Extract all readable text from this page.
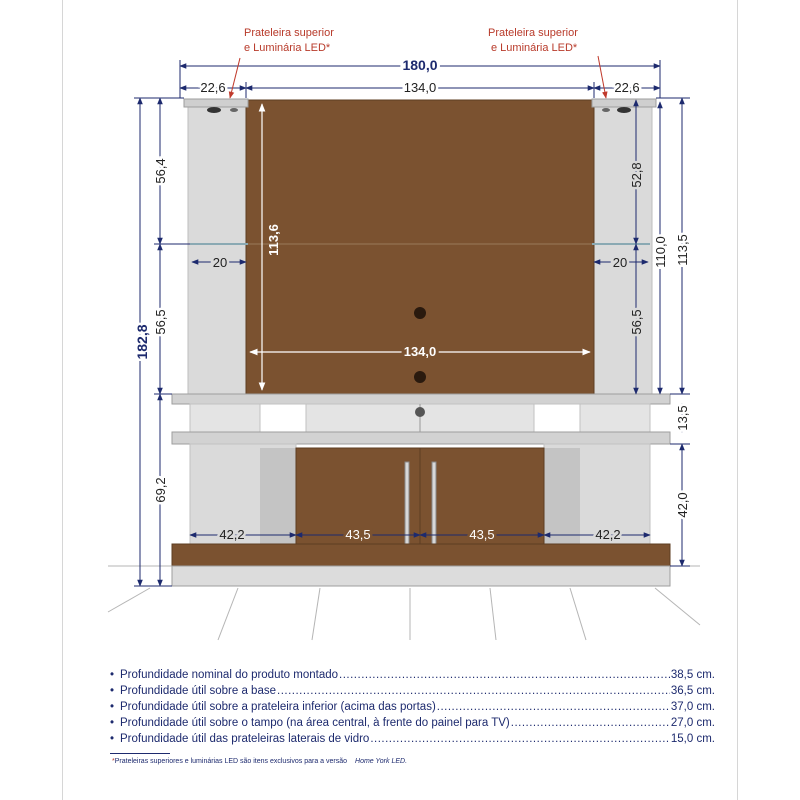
Prateleira superior
e Luminária LED*
Prateleira superior
e Luminária LED*
180,0
22,6	134,0	22,6
182,8
56,4
56,5
69,2
113,6
134,0
52,8
56,5
110,0 113,5
13,5
42,0
20	20
42,2	43,5	43,5	42,2
• Profundidade nominal do produto montado .....	38,5 cm.
• Profundidade útil sobre a base .....	36,5 cm.
• Profundidade útil sobre a prateleira inferior (acima das portas) .....	37,0 cm.
• Profundidade útil sobre o tampo (na área central, à frente do painel para TV) .....	27,0 cm.
• Profundidade útil das prateleiras laterais de vidro .....	15,0 cm.
*Prateleiras superiores e luminárias LED são itens exclusivos para a versão Home York LED.
